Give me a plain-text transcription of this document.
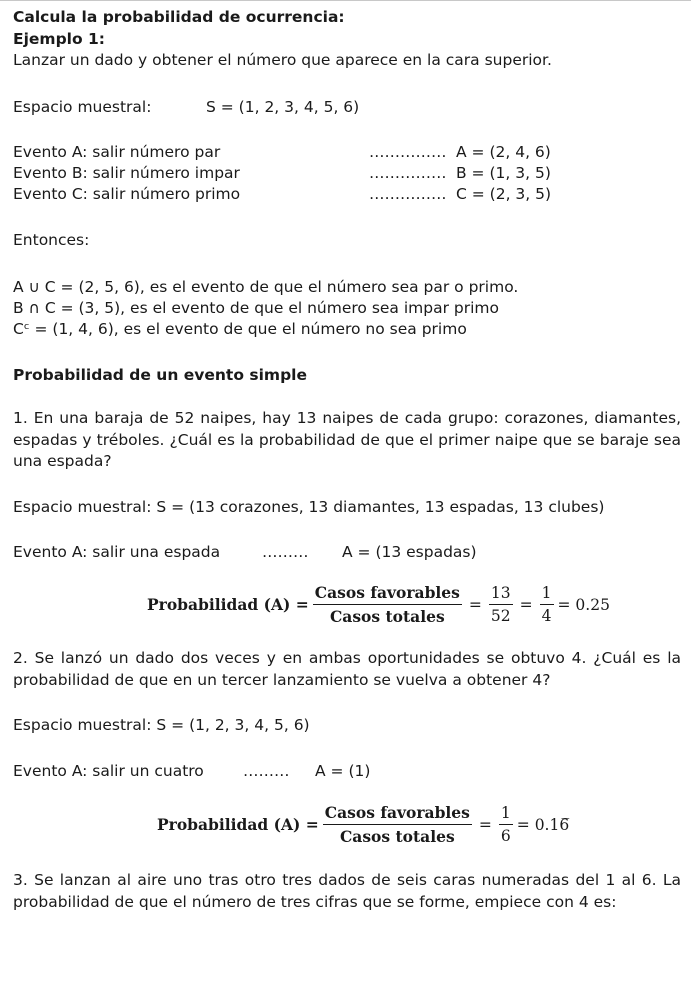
Calcula la probabilidad de ocurrencia:
Ejemplo 1:
Lanzar un dado y obtener el número que aparece en la cara superior.
Espacio muestral:	S = (1, 2, 3, 4, 5, 6)
Evento A: salir número par	…………… A = (2, 4, 6)
Evento B: salir número impar	…………… B = (1, 3, 5)
Evento C: salir número primo	…………… C = (2, 3, 5)
Entonces:
A ∪ C = (2, 5, 6), es el evento de que el número sea par o primo.
B ∩ C = (3, 5), es el evento de que el número sea impar primo
Cᶜ = (1, 4, 6), es el evento de que el número no sea primo
Probabilidad de un evento simple
1. En una baraja de 52 naipes, hay 13 naipes de cada grupo: corazones, diamantes, espadas y tréboles. ¿Cuál es la probabilidad de que el primer naipe que se baraje sea una espada?
Espacio muestral: S = (13 corazones, 13 diamantes, 13 espadas, 13 clubes)
Evento A: salir una espada	……… A = (13 espadas)
Probabilidad $(A) = \frac{\text{Casos favorables}}{\text{Casos totales}} = \frac{13}{52} = \frac{1}{4} = 0.25$
2. Se lanzó un dado dos veces y en ambas oportunidades se obtuvo 4. ¿Cuál es la probabilidad de que en un tercer lanzamiento se vuelva a obtener 4?
Espacio muestral: S = (1, 2, 3, 4, 5, 6)
Evento A: salir un cuatro	……… A = (1)
Probabilidad $(A) = \frac{\text{Casos favorables}}{\text{Casos totales}} = \frac{1}{6}$ = 0.16̅
3. Se lanzan al aire uno tras otro tres dados de seis caras numeradas del 1 al 6. La probabilidad de que el número de tres cifras que se forme, empiece con 4 es:
